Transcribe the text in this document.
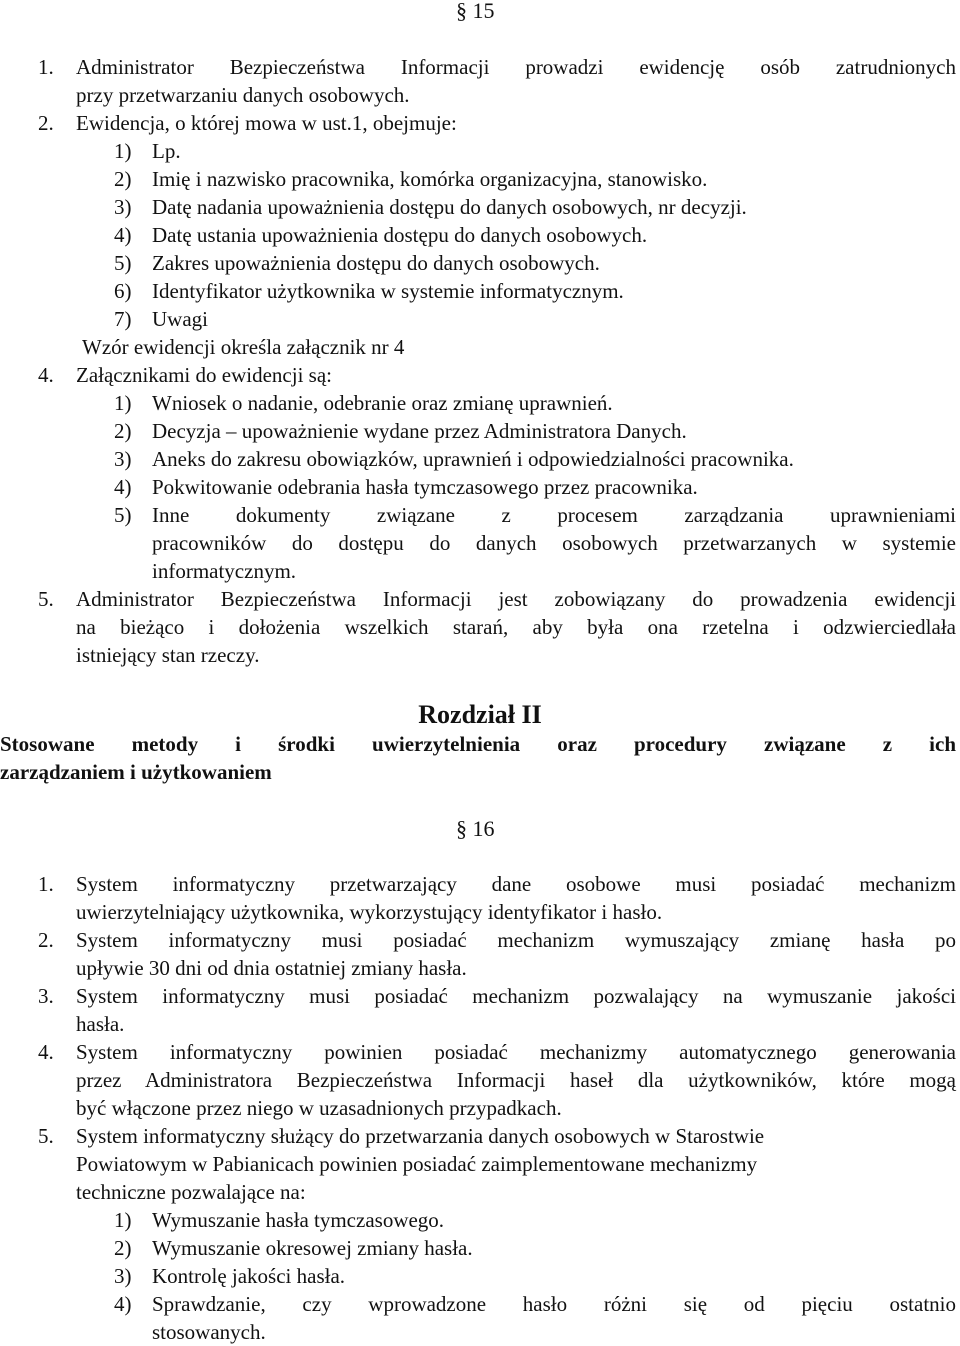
§ 15
1. Administrator Bezpieczeństwa Informacji prowadzi ewidencję osób zatrudnionych
przy przetwarzaniu danych osobowych.
2. Ewidencja, o której mowa w ust.1, obejmuje:
1) Lp.
2) Imię i nazwisko pracownika, komórka organizacyjna, stanowisko.
3) Datę nadania upoważnienia dostępu do danych osobowych, nr decyzji.
4) Datę ustania upoważnienia dostępu do danych osobowych.
5) Zakres upoważnienia dostępu do danych osobowych.
6) Identyfikator użytkownika w systemie informatycznym.
7) Uwagi
Wzór ewidencji określa załącznik nr 4
4. Załącznikami do ewidencji są:
1) Wniosek o nadanie, odebranie oraz zmianę uprawnień.
2) Decyzja – upoważnienie wydane przez Administratora Danych.
3) Aneks do zakresu obowiązków, uprawnień i odpowiedzialności pracownika.
4) Pokwitowanie odebrania hasła tymczasowego przez pracownika.
5) Inne dokumenty związane z procesem zarządzania uprawnieniami
pracowników do dostępu do danych osobowych przetwarzanych w systemie
informatycznym.
5. Administrator Bezpieczeństwa Informacji jest zobowiązany do prowadzenia ewidencji
na bieżąco i dołożenia wszelkich starań, aby była ona rzetelna i odzwierciedlała
istniejący stan rzeczy.
Rozdział II
Stosowane metody i środki uwierzytelnienia oraz procedury związane z ich
zarządzaniem i użytkowaniem
§ 16
1. System informatyczny przetwarzający dane osobowe musi posiadać mechanizm
uwierzytelniający użytkownika, wykorzystujący identyfikator i hasło.
2. System informatyczny musi posiadać mechanizm wymuszający zmianę hasła po
upływie 30 dni od dnia ostatniej zmiany hasła.
3. System informatyczny musi posiadać mechanizm pozwalający na wymuszanie jakości
hasła.
4. System informatyczny powinien posiadać mechanizmy automatycznego generowania
przez Administratora Bezpieczeństwa Informacji haseł dla użytkowników, które mogą
być włączone przez niego w uzasadnionych przypadkach.
5. System informatyczny służący do przetwarzania danych osobowych w Starostwie
Powiatowym w Pabianicach powinien posiadać zaimplementowane mechanizmy
techniczne pozwalające na:
1) Wymuszanie hasła tymczasowego.
2) Wymuszanie okresowej zmiany hasła.
3) Kontrolę jakości hasła.
4) Sprawdzanie, czy wprowadzone hasło różni się od pięciu ostatnio
stosowanych.
